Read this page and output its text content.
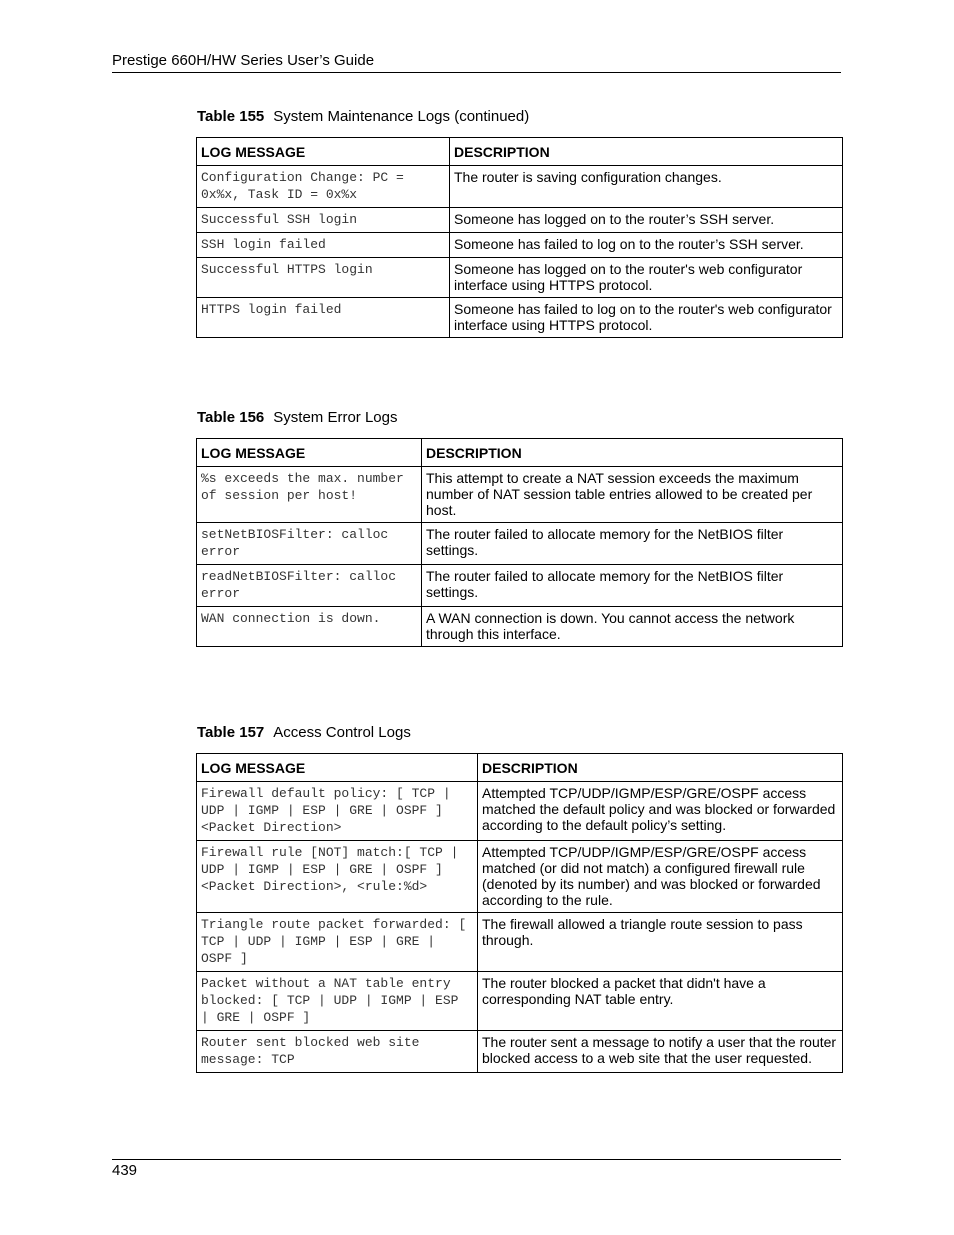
Prestige 660H/HW Series User’s Guide
Table 155 System Maintenance Logs (continued)
LOG MESSAGE	DESCRIPTION
Configuration Change: PC = 0x%x, Task ID = 0x%x	The router is saving configuration changes.
Successful SSH login	Someone has logged on to the router’s SSH server.
SSH login failed	Someone has failed to log on to the router’s SSH server.
Successful HTTPS login	Someone has logged on to the router's web configurator interface using HTTPS protocol.
HTTPS login failed	Someone has failed to log on to the router's web configurator interface using HTTPS protocol.
Table 156 System Error Logs
LOG MESSAGE	DESCRIPTION
%s exceeds the max. number of session per host!	This attempt to create a NAT session exceeds the maximum number of NAT session table entries allowed to be created per host.
setNetBIOSFilter: calloc error	The router failed to allocate memory for the NetBIOS filter settings.
readNetBIOSFilter: calloc error	The router failed to allocate memory for the NetBIOS filter settings.
WAN connection is down.	A WAN connection is down. You cannot access the network through this interface.
Table 157 Access Control Logs
LOG MESSAGE	DESCRIPTION
Firewall default policy: [ TCP | UDP | IGMP | ESP | GRE | OSPF ] <Packet Direction>	Attempted TCP/UDP/IGMP/ESP/GRE/OSPF access matched the default policy and was blocked or forwarded according to the default policy’s setting.
Firewall rule [NOT] match:[ TCP | UDP | IGMP | ESP | GRE | OSPF ] <Packet Direction>, <rule:%d>	Attempted TCP/UDP/IGMP/ESP/GRE/OSPF access matched (or did not match) a configured firewall rule (denoted by its number) and was blocked or forwarded according to the rule.
Triangle route packet forwarded: [ TCP | UDP | IGMP | ESP | GRE | OSPF ]	The firewall allowed a triangle route session to pass through.
Packet without a NAT table entry blocked: [ TCP | UDP | IGMP | ESP | GRE | OSPF ]	The router blocked a packet that didn't have a corresponding NAT table entry.
Router sent blocked web site message: TCP	The router sent a message to notify a user that the router blocked access to a web site that the user requested.
439
